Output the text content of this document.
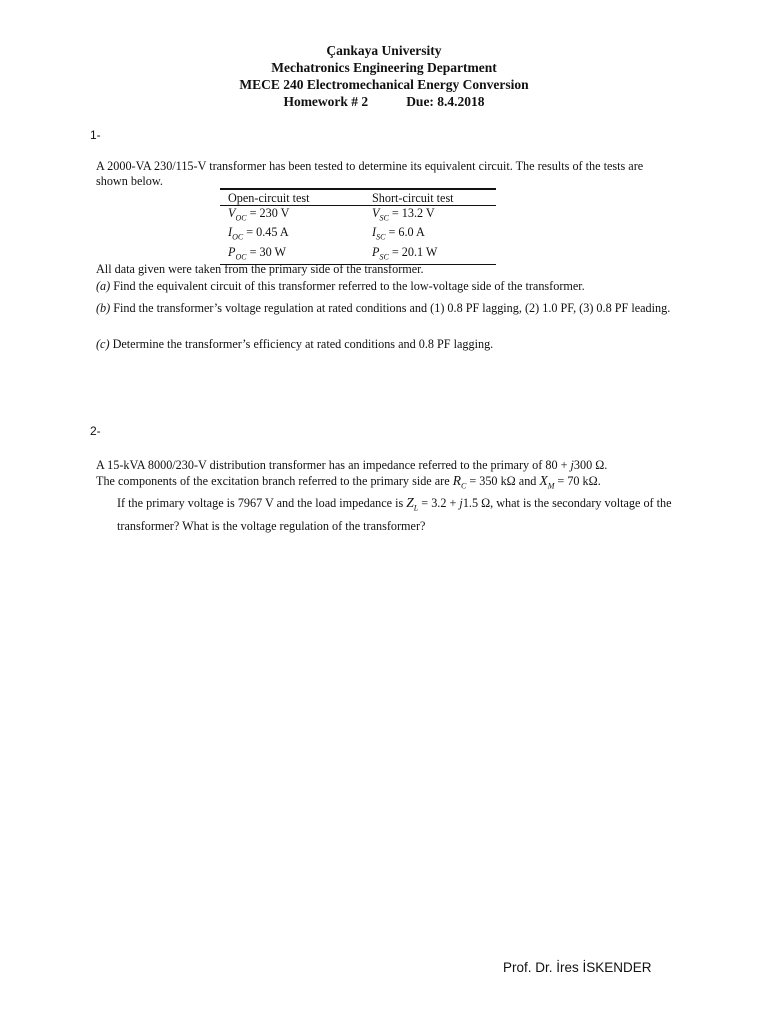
Çankaya University
Mechatronics Engineering Department
MECE 240 Electromechanical Energy Conversion
Homework # 2	Due: 8.4.2018
1-
A 2000-VA 230/115-V transformer has been tested to determine its equivalent circuit. The results of the tests are shown below.
Open-circuit test	Short-circuit test
$V_{OC} = 230$ V	$V_{SC} = 13.2$ V
$I_{OC} = 0.45$ A	$I_{SC} = 6.0$ A
$P_{OC} = 30$ W	$P_{SC} = 20.1$ W
All data given were taken from the primary side of the transformer.
(a) Find the equivalent circuit of this transformer referred to the low-voltage side of the transformer.
(b) Find the transformer’s voltage regulation at rated conditions and (1) 0.8 PF lagging, (2) 1.0 PF, (3) 0.8 PF leading.
(c) Determine the transformer’s efficiency at rated conditions and 0.8 PF lagging.
2-
A 15-kVA 8000/230-V distribution transformer has an impedance referred to the primary of 80 + j300 Ω.
The components of the excitation branch referred to the primary side are $R_C = 350$ kΩ and $X_M = 70$ kΩ.
If the primary voltage is 7967 V and the load impedance is $Z_L = 3.2 + j1.5$ Ω, what is the secondary voltage of the transformer? What is the voltage regulation of the transformer?
Prof. Dr. İres İSKENDER
